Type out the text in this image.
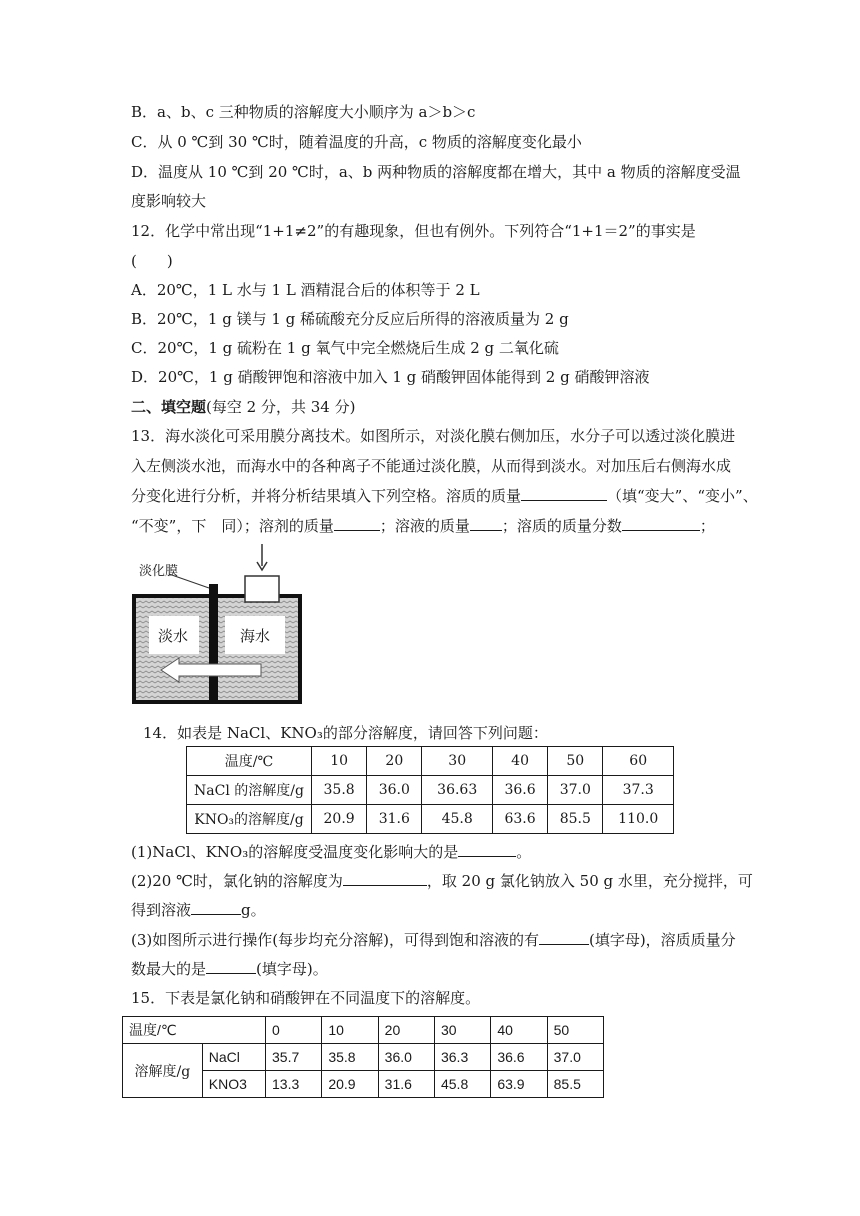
B．a、b、c 三种物质的溶解度大小顺序为 a＞b＞c
C．从 0 ℃到 30 ℃时，随着温度的升高，c 物质的溶解度变化最小
D．温度从 10 ℃到 20 ℃时，a、b 两种物质的溶解度都在增大，其中 a 物质的溶解度受温
度影响较大
12．化学中常出现“1+1≠2”的有趣现象，但也有例外。下列符合“1+1＝2”的事实是
(　　)
A．20℃，1 L 水与 1 L 酒精混合后的体积等于 2 L
B．20℃，1 g 镁与 1 g 稀硫酸充分反应后所得的溶液质量为 2 g
C．20℃，1 g 硫粉在 1 g 氧气中完全燃烧后生成 2 g 二氧化硫
D．20℃，1 g 硝酸钾饱和溶液中加入 1 g 硝酸钾固体能得到 2 g 硝酸钾溶液
二、填空题(每空 2 分，共 34 分)
13．海水淡化可采用膜分离技术。如图所示，对淡化膜右侧加压，水分子可以透过淡化膜进
入左侧淡水池，而海水中的各种离子不能通过淡化膜，从而得到淡水。对加压后右侧海水成
分变化进行分析，并将分析结果填入下列空格。溶质的质量	（填“变大”、“变小”、
“不变”，下　同）；溶剂的质量	；溶液的质量 ；溶质的质量分数	；
淡化膜
淡水	海水
14．如表是 NaCl、KNO₃的部分溶解度，请回答下列问题：
温度/℃	10	20	30	40	50	60
NaCl 的溶解度/g	35.8	36.0	36.63	36.6	37.0	37.3
KNO₃的溶解度/g	20.9	31.6	45.8	63.6	85.5	110.0
(1)NaCl、KNO₃的溶解度受温度变化影响大的是	。
(2)20 ℃时，氯化钠的溶解度为	，取 20 g 氯化钠放入 50 g 水里，充分搅拌，可
得到溶液	g。
(3)如图所示进行操作(每步均充分溶解)，可得到饱和溶液的有	(填字母)，溶质质量分
数最大的是	(填字母)。
15．下表是氯化钠和硝酸钾在不同温度下的溶解度。
温度/℃		0	10	20	30	40	50
溶解度/g	NaCl	35.7	35.8	36.0	36.3	36.6	37.0
	KNO3	13.3	20.9	31.6	45.8	63.9	85.5
